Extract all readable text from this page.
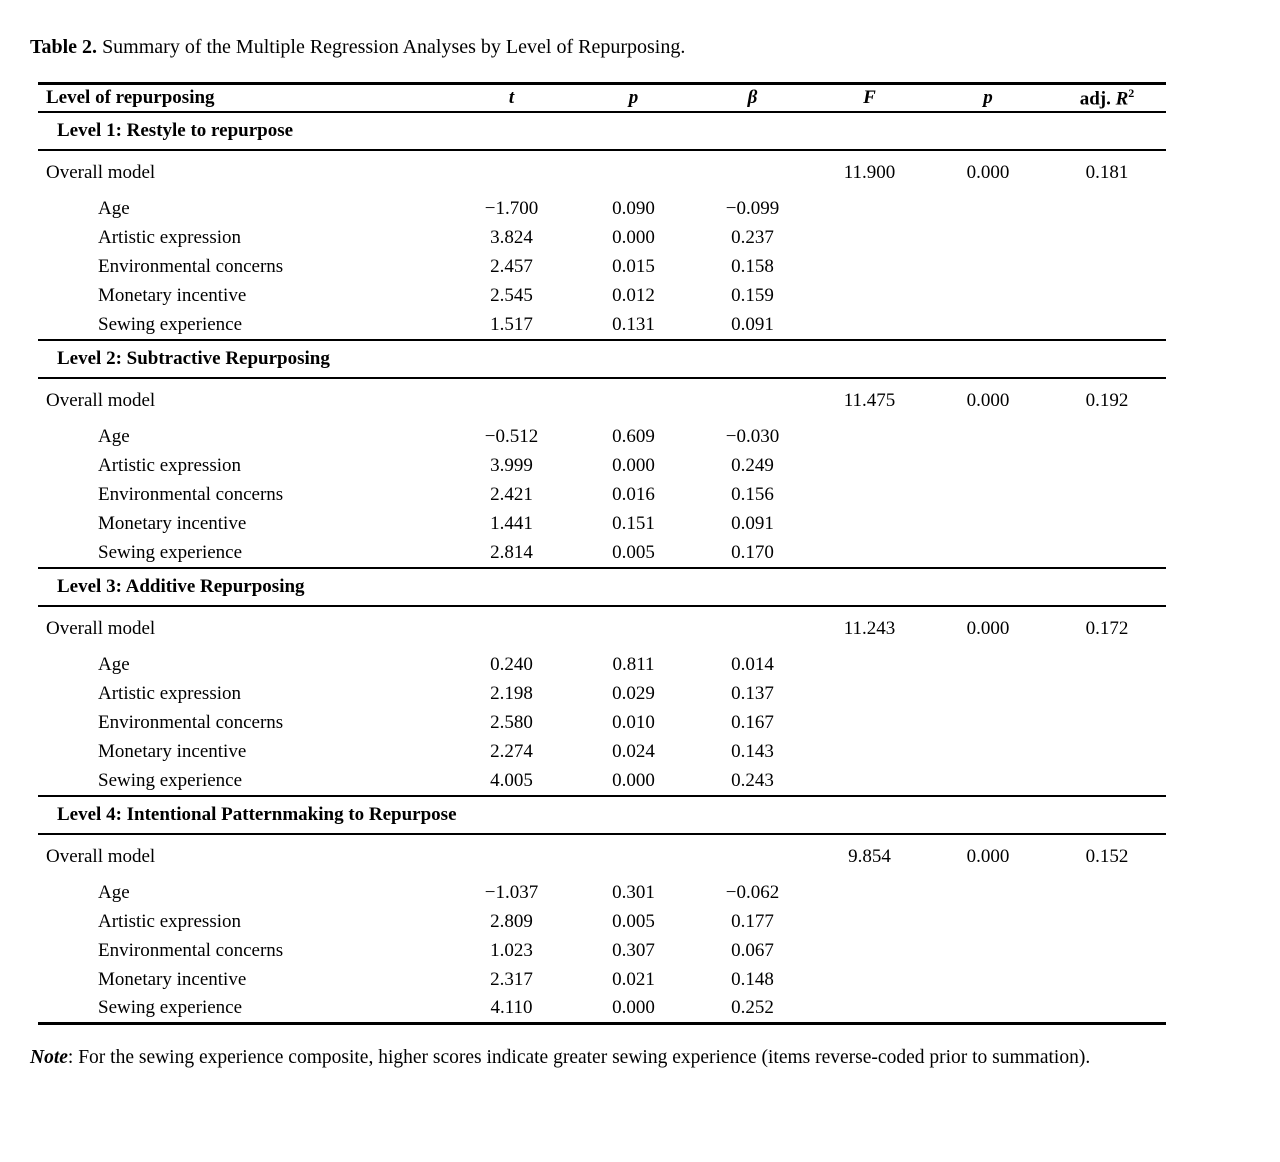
Table 2. Summary of the Multiple Regression Analyses by Level of Repurposing.

Level of repurposing	t	p	β	F	p	adj. $R^2$
Level 1: Restyle to repurpose						
Overall model				11.900	0.000	0.181
Age	−1.700	0.090	−0.099			
Artistic expression	3.824	0.000	0.237			
Environmental concerns	2.457	0.015	0.158			
Monetary incentive	2.545	0.012	0.159			
Sewing experience	1.517	0.131	0.091			
Level 2: Subtractive Repurposing						
Overall model				11.475	0.000	0.192
Age	−0.512	0.609	−0.030			
Artistic expression	3.999	0.000	0.249			
Environmental concerns	2.421	0.016	0.156			
Monetary incentive	1.441	0.151	0.091			
Sewing experience	2.814	0.005	0.170			
Level 3: Additive Repurposing						
Overall model				11.243	0.000	0.172
Age	0.240	0.811	0.014			
Artistic expression	2.198	0.029	0.137			
Environmental concerns	2.580	0.010	0.167			
Monetary incentive	2.274	0.024	0.143			
Sewing experience	4.005	0.000	0.243			
Level 4: Intentional Patternmaking to Repurpose						
Overall model				9.854	0.000	0.152
Age	−1.037	0.301	−0.062			
Artistic expression	2.809	0.005	0.177			
Environmental concerns	1.023	0.307	0.067			
Monetary incentive	2.317	0.021	0.148			
Sewing experience	4.110	0.000	0.252			

Note: For the sewing experience composite, higher scores indicate greater sewing experience (items reverse-coded prior to summation).
